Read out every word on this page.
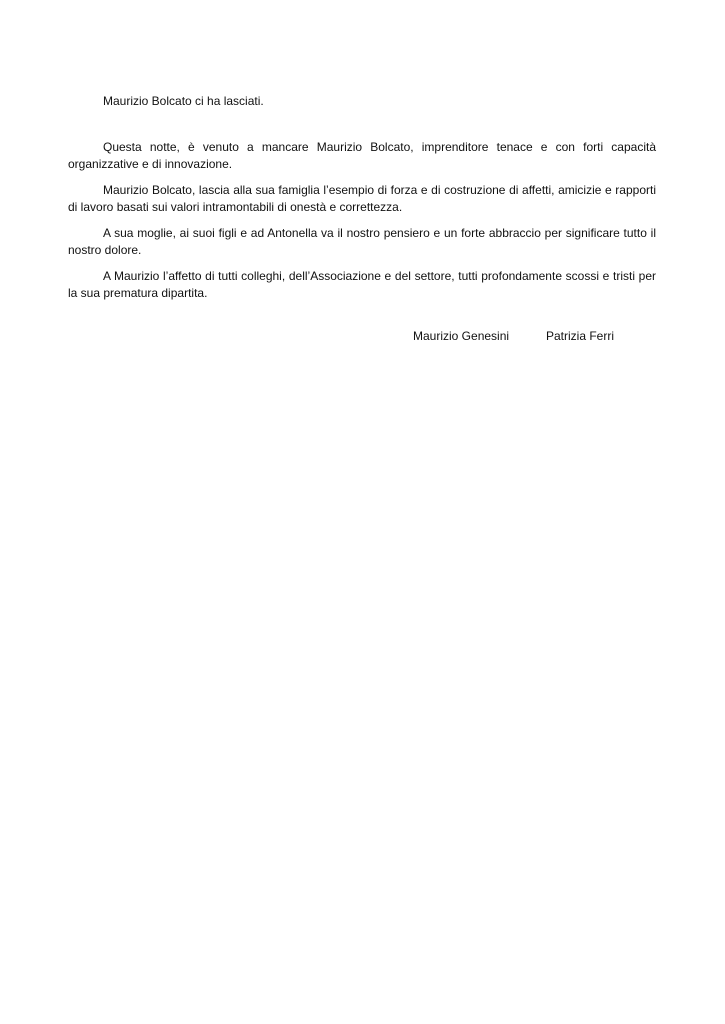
Maurizio Bolcato ci ha lasciati.

Questa notte, è venuto a mancare Maurizio Bolcato, imprenditore tenace e con forti capacità organizzative e di innovazione.

Maurizio Bolcato, lascia alla sua famiglia l’esempio di forza e di costruzione di affetti, amicizie e rapporti di lavoro basati sui valori intramontabili di onestà e correttezza.

A sua moglie, ai suoi figli e ad Antonella va il nostro pensiero e un forte abbraccio per significare tutto il nostro dolore.

A Maurizio l’affetto di tutti colleghi, dell’Associazione e del settore, tutti profondamente scossi e tristi per la sua prematura dipartita.

Maurizio Genesini	Patrizia Ferri
